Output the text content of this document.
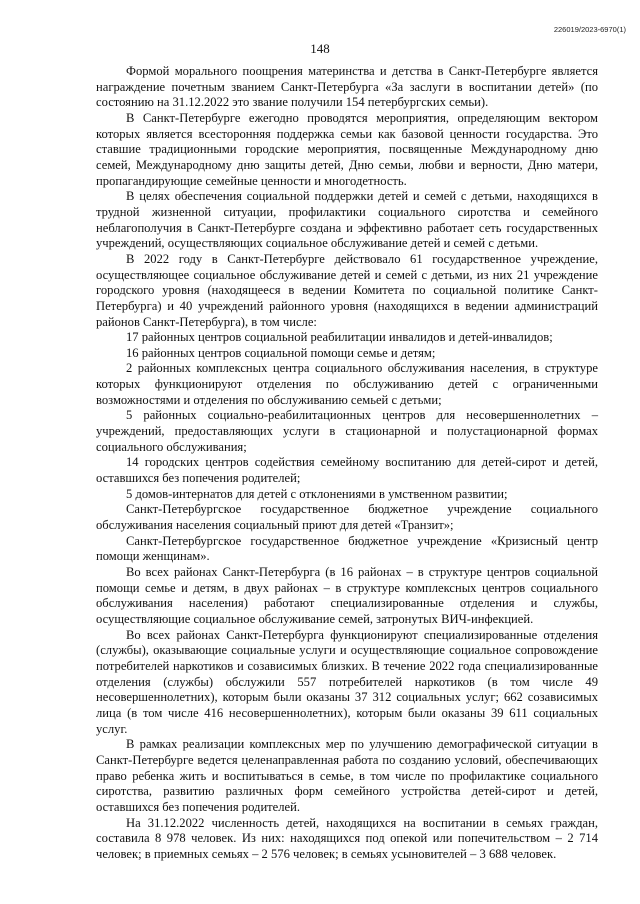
226019/2023-6970(1)
148

Формой морального поощрения материнства и детства в Санкт-Петербурге является награждение почетным званием Санкт-Петербурга «За заслуги в воспитании детей» (по состоянию на 31.12.2022 это звание получили 154 петербургских семьи).

В Санкт-Петербурге ежегодно проводятся мероприятия, определяющим вектором которых является всесторонняя поддержка семьи как базовой ценности государства. Это ставшие традиционными городские мероприятия, посвященные Международному дню семей, Международному дню защиты детей, Дню семьи, любви и верности, Дню матери, пропагандирующие семейные ценности и многодетность.

В целях обеспечения социальной поддержки детей и семей с детьми, находящихся в трудной жизненной ситуации, профилактики социального сиротства и семейного неблагополучия в Санкт-Петербурге создана и эффективно работает сеть государственных учреждений, осуществляющих социальное обслуживание детей и семей с детьми.

В 2022 году в Санкт-Петербурге действовало 61 государственное учреждение, осуществляющее социальное обслуживание детей и семей с детьми, из них 21 учреждение городского уровня (находящееся в ведении Комитета по социальной политике Санкт-Петербурга) и 40 учреждений районного уровня (находящихся в ведении администраций районов Санкт-Петербурга), в том числе:

17 районных центров социальной реабилитации инвалидов и детей-инвалидов;

16 районных центров социальной помощи семье и детям;

2 районных комплексных центра социального обслуживания населения, в структуре которых функционируют отделения по обслуживанию детей с ограниченными возможностями и отделения по обслуживанию семьей с детьми;

5 районных социально-реабилитационных центров для несовершеннолетних – учреждений, предоставляющих услуги в стационарной и полустационарной формах социального обслуживания;

14 городских центров содействия семейному воспитанию для детей-сирот и детей, оставшихся без попечения родителей;

5 домов-интернатов для детей с отклонениями в умственном развитии;

Санкт-Петербургское государственное бюджетное учреждение социального обслуживания населения социальный приют для детей «Транзит»;

Санкт-Петербургское государственное бюджетное учреждение «Кризисный центр помощи женщинам».

Во всех районах Санкт-Петербурга (в 16 районах – в структуре центров социальной помощи семье и детям, в двух районах – в структуре комплексных центров социального обслуживания населения) работают специализированные отделения и службы, осуществляющие социальное обслуживание семей, затронутых ВИЧ-инфекцией.

Во всех районах Санкт-Петербурга функционируют специализированные отделения (службы), оказывающие социальные услуги и осуществляющие социальное сопровождение потребителей наркотиков и созависимых близких. В течение 2022 года специализированные отделения (службы) обслужили 557 потребителей наркотиков (в том числе 49 несовершеннолетних), которым были оказаны 37 312 социальных услуг; 662 созависимых лица (в том числе 416 несовершеннолетних), которым были оказаны 39 611 социальных услуг.

В рамках реализации комплексных мер по улучшению демографической ситуации в Санкт-Петербурге ведется целенаправленная работа по созданию условий, обеспечивающих право ребенка жить и воспитываться в семье, в том числе по профилактике социального сиротства, развитию различных форм семейного устройства детей-сирот и детей, оставшихся без попечения родителей.

На 31.12.2022 численность детей, находящихся на воспитании в семьях граждан, составила 8 978 человек. Из них: находящихся под опекой или попечительством – 2 714 человек; в приемных семьях – 2 576 человек; в семьях усыновителей – 3 688 человек.
